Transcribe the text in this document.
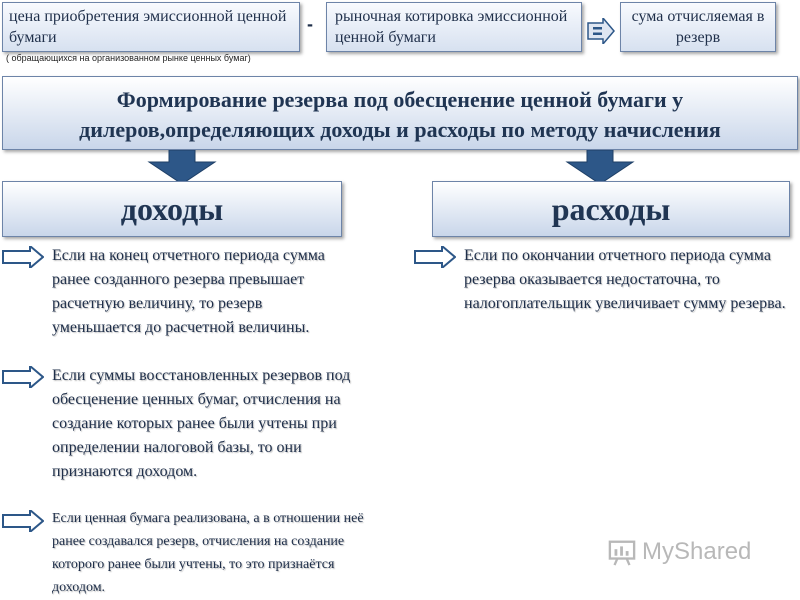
цена приобретения эмиссионной ценной бумаги
( обращающихся на организованном рынке ценных бумаг)
-	рыночная котировка эмиссионной ценной бумаги
сума отчисляемая в резерв
Формирование резерва под обесценение ценной бумаги у дилеров,определяющих доходы и расходы по методу начисления
доходы	расходы
Если на конец отчетного периода сумма ранее созданного резерва превышает расчетную величину, то резерв уменьшается до расчетной величины.
Если суммы восстановленных резервов под обесценение ценных бумаг, отчисления на создание которых ранее были учтены при определении налоговой базы, то они признаются доходом.
Если ценная бумага реализована, а в отношении неё ранее создавался резерв, отчисления на создание которого ранее были учтены, то это признаётся доходом.
Если по окончании отчетного периода сумма резерва оказывается недостаточна, то налогоплательщик увеличивает сумму резерва.
MyShared
